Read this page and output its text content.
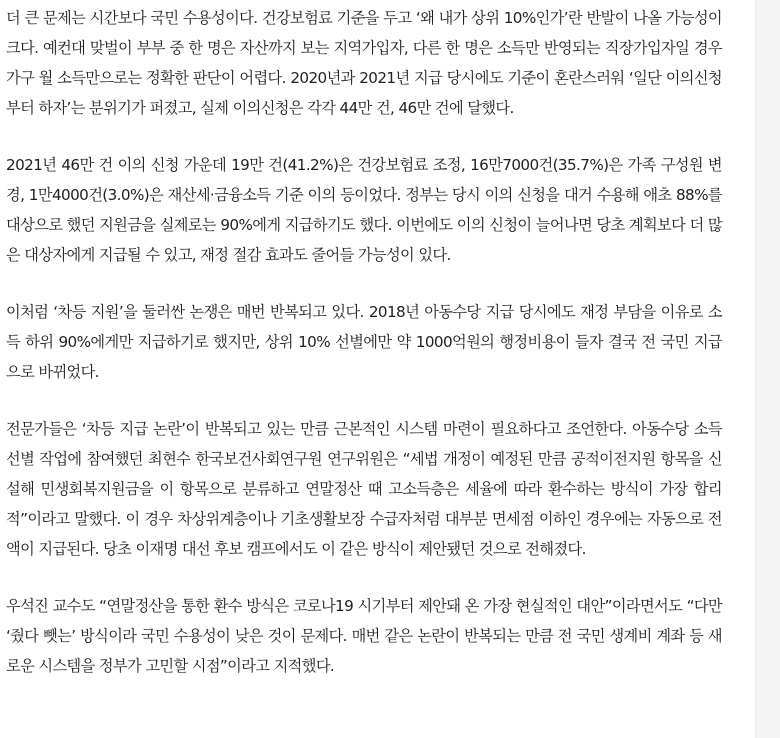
더 큰 문제는 시간보다 국민 수용성이다. 건강보험료 기준을 두고 ‘왜 내가 상위 10%인가’란 반발이 나올 가능성이 크다. 예컨대 맞벌이 부부 중 한 명은 자산까지 보는 지역가입자, 다른 한 명은 소득만 반영되는 직장가입자일 경우 가구 월 소득만으로는 정확한 판단이 어렵다. 2020년과 2021년 지급 당시에도 기준이 혼란스러워 ‘일단 이의신청부터 하자’는 분위기가 퍼졌고, 실제 이의신청은 각각 44만 건, 46만 건에 달했다.

2021년 46만 건 이의 신청 가운데 19만 건(41.2%)은 건강보험료 조정, 16만7000건(35.7%)은 가족 구성원 변경, 1만4000건(3.0%)은 재산세·금융소득 기준 이의 등이었다. 정부는 당시 이의 신청을 대거 수용해 애초 88%를 대상으로 했던 지원금을 실제로는 90%에게 지급하기도 했다. 이번에도 이의 신청이 늘어나면 당초 계획보다 더 많은 대상자에게 지급될 수 있고, 재정 절감 효과도 줄어들 가능성이 있다.

이처럼 ‘차등 지원’을 둘러싼 논쟁은 매번 반복되고 있다. 2018년 아동수당 지급 당시에도 재정 부담을 이유로 소득 하위 90%에게만 지급하기로 했지만, 상위 10% 선별에만 약 1000억원의 행정비용이 들자 결국 전 국민 지급으로 바뀌었다.

전문가들은 ‘차등 지급 논란’이 반복되고 있는 만큼 근본적인 시스템 마련이 필요하다고 조언한다. 아동수당 소득 선별 작업에 참여했던 최현수 한국보건사회연구원 연구위원은 “세법 개정이 예정된 만큼 공적이전지원 항목을 신설해 민생회복지원금을 이 항목으로 분류하고 연말정산 때 고소득층은 세율에 따라 환수하는 방식이 가장 합리적”이라고 말했다. 이 경우 차상위계층이나 기초생활보장 수급자처럼 대부분 면세점 이하인 경우에는 자동으로 전액이 지급된다. 당초 이재명 대선 후보 캠프에서도 이 같은 방식이 제안됐던 것으로 전해졌다.

우석진 교수도 “연말정산을 통한 환수 방식은 코로나19 시기부터 제안돼 온 가장 현실적인 대안”이라면서도 “다만 ‘줬다 뺏는’ 방식이라 국민 수용성이 낮은 것이 문제다. 매번 같은 논란이 반복되는 만큼 전 국민 생계비 계좌 등 새로운 시스템을 정부가 고민할 시점”이라고 지적했다.
